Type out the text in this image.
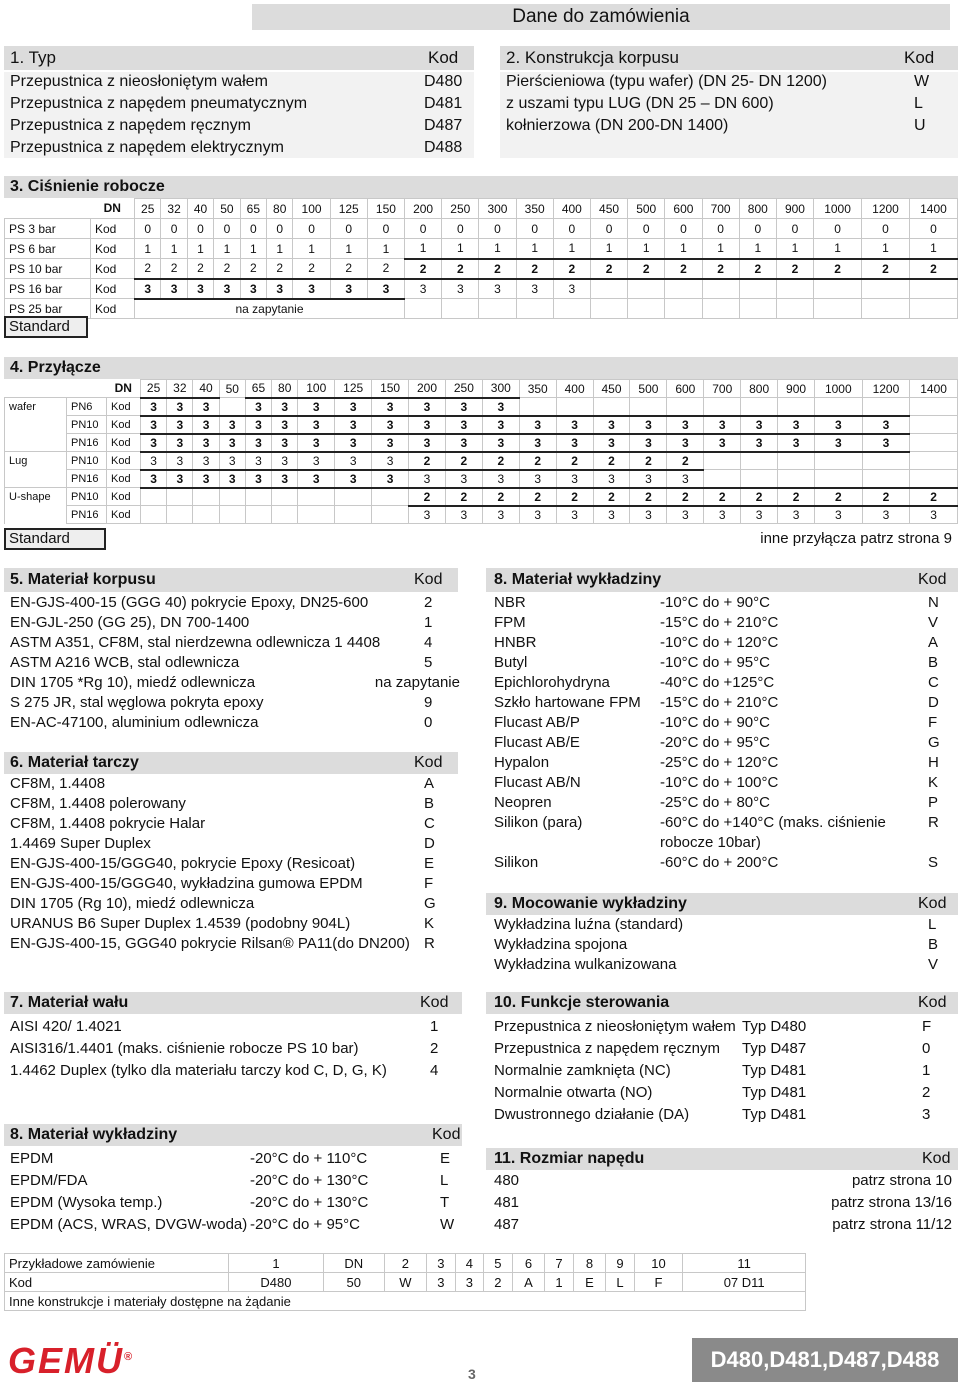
Dane do zamówienia
1. Typ	Kod
Przepustnica z nieosłoniętym wałem	D480
Przepustnica z napędem pneumatycznym	D481
Przepustnica z napędem ręcznym	D487
Przepustnica z napędem elektrycznym	D488
2. Konstrukcja korpusu	Kod
Pierścieniowa (typu wafer) (DN 25- DN 1200)	W
z uszami typu LUG (DN 25 – DN 600)	L
kołnierzowa (DN 200-DN 1400)	U
3. Ciśnienie robocze
	DN	25	32	40	50	65	80	100	125	150	200	250	300	350	400	450	500	600	700	800	900	1000	1200	1400
PS 3 bar	Kod	0	0	0	0	0	0	0	0	0	0	0	0	0	0	0	0	0	0	0	0	0	0	0
PS 6 bar	Kod	1	1	1	1	1	1	1	1	1	1	1	1	1	1	1	1	1	1	1	1	1	1	1
PS 10 bar	Kod	2	2	2	2	2	2	2	2	2	2	2	2	2	2	2	2	2	2	2	2	2	2	2
PS 16 bar	Kod	3	3	3	3	3	3	3	3	3	3	3	3	3	3									
PS 25 bar	Kod	na zapytanie																						
Standard
4. Przyłącze
		DN	25	32	40	50	65	80	100	125	150	200	250	300	350	400	450	500	600	700	800	900	1000	1200	1400
wafer	PN6	Kod	3	3	3		3	3	3	3	3	3	3	3											
	PN10	Kod	3	3	3	3	3	3	3	3	3	3	3	3	3	3	3	3	3	3	3	3	3	3	
	PN16	Kod	3	3	3	3	3	3	3	3	3	3	3	3	3	3	3	3	3	3	3	3	3	3	
Lug	PN10	Kod	3	3	3	3	3	3	3	3	3	2	2	2	2	2	2	2	2						
	PN16	Kod	3	3	3	3	3	3	3	3	3	3	3	3	3	3	3	3	3						
U-shape	PN10	Kod										2	2	2	2	2	2	2	2	2	2	2	2	2	2
	PN16	Kod										3	3	3	3	3	3	3	3	3	3	3	3	3	3
Standard	inne przyłącza patrz strona 9
5. Materiał korpusu	Kod
EN-GJS-400-15 (GGG 40) pokrycie Epoxy, DN25-600	2
EN-GJL-250 (GG 25), DN 700-1400	1
ASTM A351, CF8M, stal nierdzewna odlewnicza 1 4408	4
ASTM A216 WCB, stal odlewnicza	5
DIN 1705 *Rg 10), miedź odlewnicza	na zapytanie
S 275 JR, stal węglowa pokryta epoxy	9
EN-AC-47100, aluminium odlewnicza	0
6. Materiał tarczy	Kod
CF8M, 1.4408	A
CF8M, 1.4408 polerowany	B
CF8M, 1.4408 pokrycie Halar	C
1.4469 Super Duplex	D
EN-GJS-400-15/GGG40, pokrycie Epoxy (Resicoat)	E
EN-GJS-400-15/GGG40, wykładzina gumowa EPDM	F
DIN 1705 (Rg 10), miedź odlewnicza	G
URANUS B6 Super Duplex 1.4539 (podobny 904L)	K
EN-GJS-400-15, GGG40 pokrycie Rilsan® PA11(do DN200) R
7. Materiał wału	Kod
AISI 420/ 1.4021	1
AISI316/1.4401 (maks. ciśnienie robocze PS 10 bar)	2
1.4462 Duplex (tylko dla materiału tarczy kod C, D, G, K)	4
8. Materiał wykładziny	Kod
EPDM	-20°C do + 110°C	E
EPDM/FDA	-20°C do + 130°C	L
EPDM (Wysoka temp.)	-20°C do + 130°C	T
EPDM (ACS, WRAS, DVGW-woda) -20°C do + 95°C	W
8. Materiał wykładziny	Kod
NBR	-10°C do + 90°C	N
FPM	-15°C do + 210°C	V
HNBR	-10°C do + 120°C	A
Butyl	-10°C do + 95°C	B
Epichlorohydryna	-40°C do +125°C	C
Szkło hartowane FPM	-15°C do + 210°C	D
Flucast AB/P	-10°C do + 90°C	F
Flucast AB/E	-20°C do + 95°C	G
Hypalon	-25°C do + 120°C	H
Flucast AB/N	-10°C do + 100°C	K
Neopren	-25°C do + 80°C	P
Silikon (para)	-60°C do +140°C (maks. ciśnienie	R
robocze 10bar)
Silikon	-60°C do + 200°C	S
9. Mocowanie wykładziny	Kod
Wykładzina luźna (standard)	L
Wykładzina spojona	B
Wykładzina wulkanizowana	V
10. Funkcje sterowania	Kod
Przepustnica z nieosłoniętym wałem Typ D480	F
Przepustnica z napędem ręcznym	Typ D487	0
Normalnie zamknięta (NC)	Typ D481	1
Normalnie otwarta (NO)	Typ D481	2
Dwustronnego działanie (DA)	Typ D481	3
11. Rozmiar napędu	Kod
480	patrz strona 10
481	patrz strona 13/16
487	patrz strona 11/12
Przykładowe zamówienie	1	DN	2	3	4	5	6	7	8	9	10	11
Kod	D480	50	W	3	3	2	A	1	E	L	F	07 D11
Inne konstrukcje i materiały dostępne na żądanie												
GEMÜ®
3
D480,D481,D487,D488
